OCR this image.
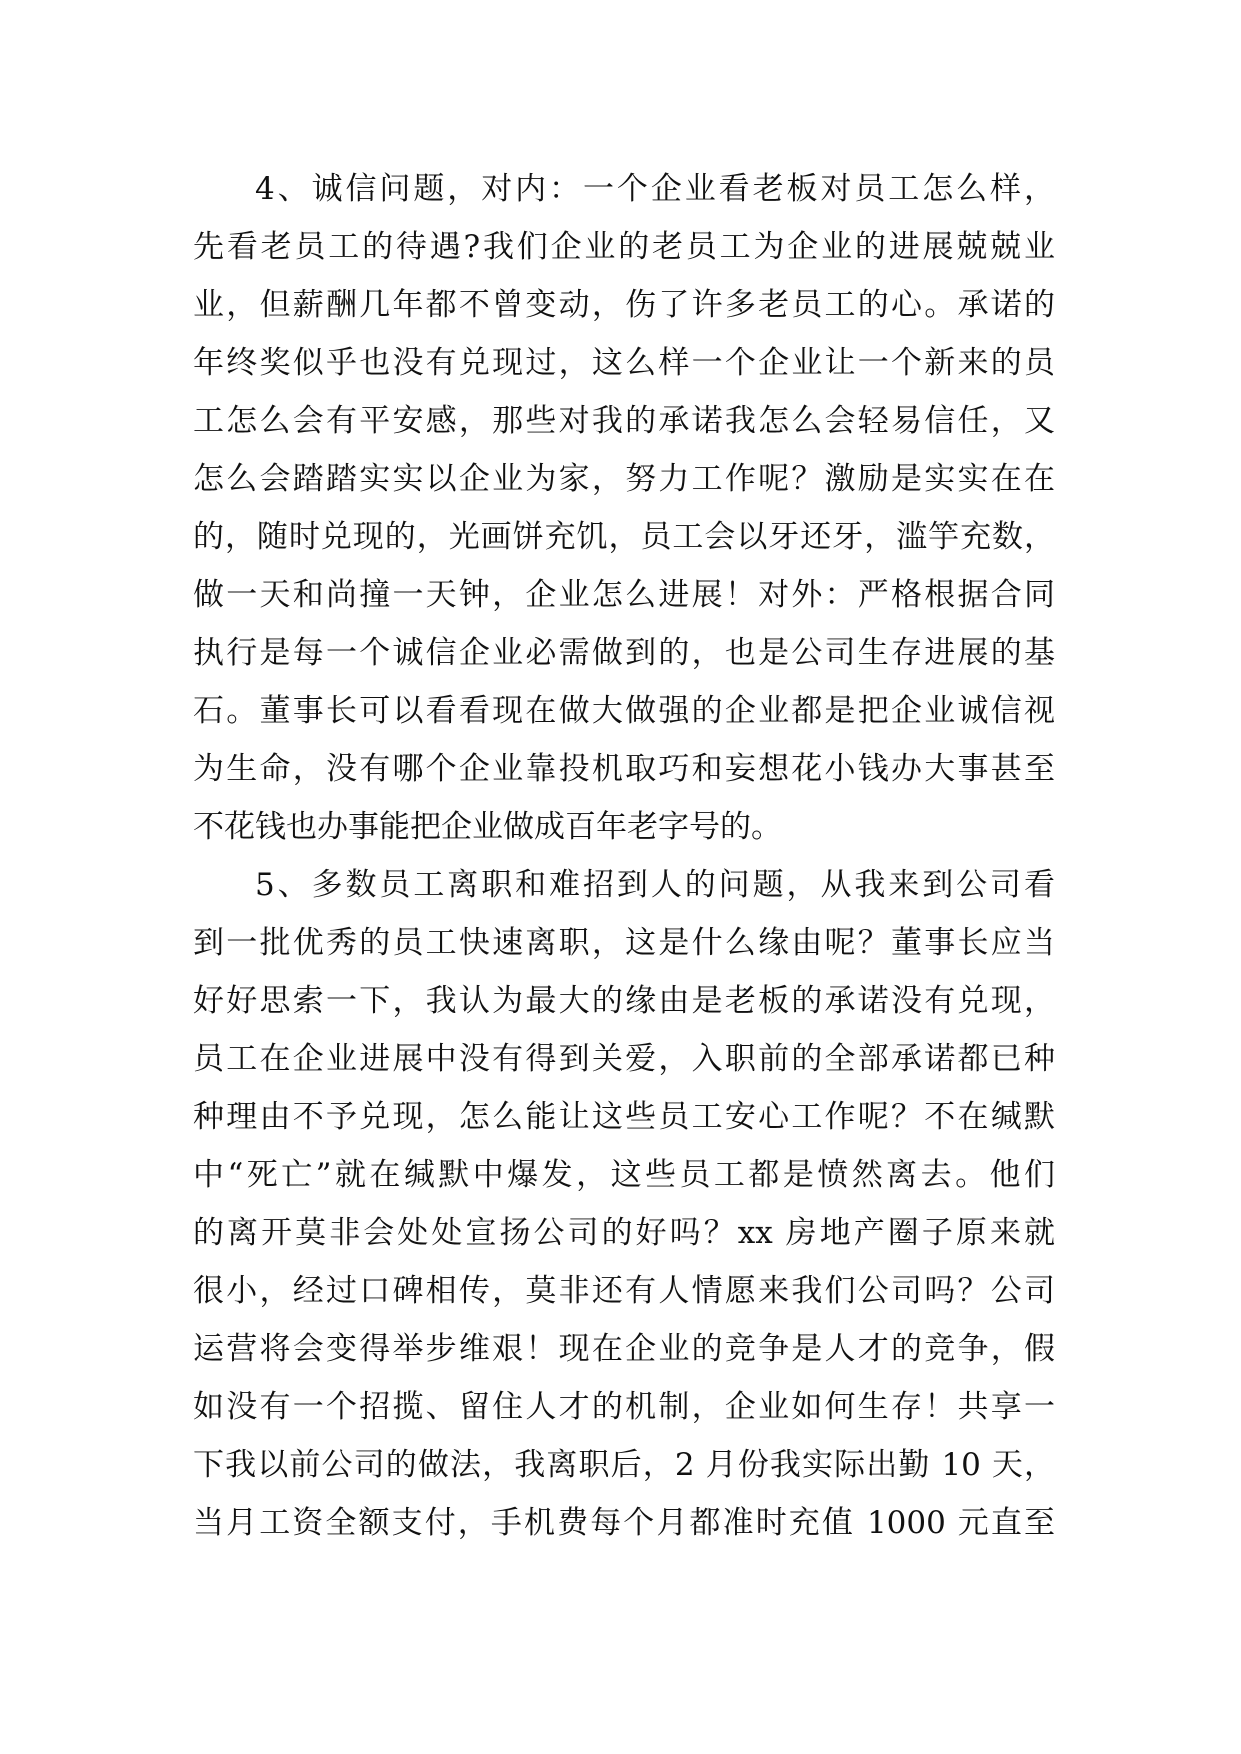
4、诚信问题，对内：一个企业看老板对员工怎么样，
先看老员工的待遇?我们企业的老员工为企业的进展兢兢业
业，但薪酬几年都不曾变动，伤了许多老员工的心。承诺的
年终奖似乎也没有兑现过，这么样一个企业让一个新来的员
工怎么会有平安感，那些对我的承诺我怎么会轻易信任，又
怎么会踏踏实实以企业为家，努力工作呢？激励是实实在在
的，随时兑现的，光画饼充饥，员工会以牙还牙，滥竽充数，
做一天和尚撞一天钟，企业怎么进展！对外：严格根据合同
执行是每一个诚信企业必需做到的，也是公司生存进展的基
石。董事长可以看看现在做大做强的企业都是把企业诚信视
为生命，没有哪个企业靠投机取巧和妄想花小钱办大事甚至
不花钱也办事能把企业做成百年老字号的。
5、多数员工离职和难招到人的问题，从我来到公司看
到一批优秀的员工快速离职，这是什么缘由呢？董事长应当
好好思索一下，我认为最大的缘由是老板的承诺没有兑现，
员工在企业进展中没有得到关爱，入职前的全部承诺都已种
种理由不予兑现，怎么能让这些员工安心工作呢？不在缄默
中“死亡”就在缄默中爆发，这些员工都是愤然离去。他们
的离开莫非会处处宣扬公司的好吗？xx 房地产圈子原来就
很小，经过口碑相传，莫非还有人情愿来我们公司吗？公司
运营将会变得举步维艰！现在企业的竞争是人才的竞争，假
如没有一个招揽、留住人才的机制，企业如何生存！共享一
下我以前公司的做法，我离职后，2 月份我实际出勤 10 天，
当月工资全额支付，手机费每个月都准时充值 1000 元直至
